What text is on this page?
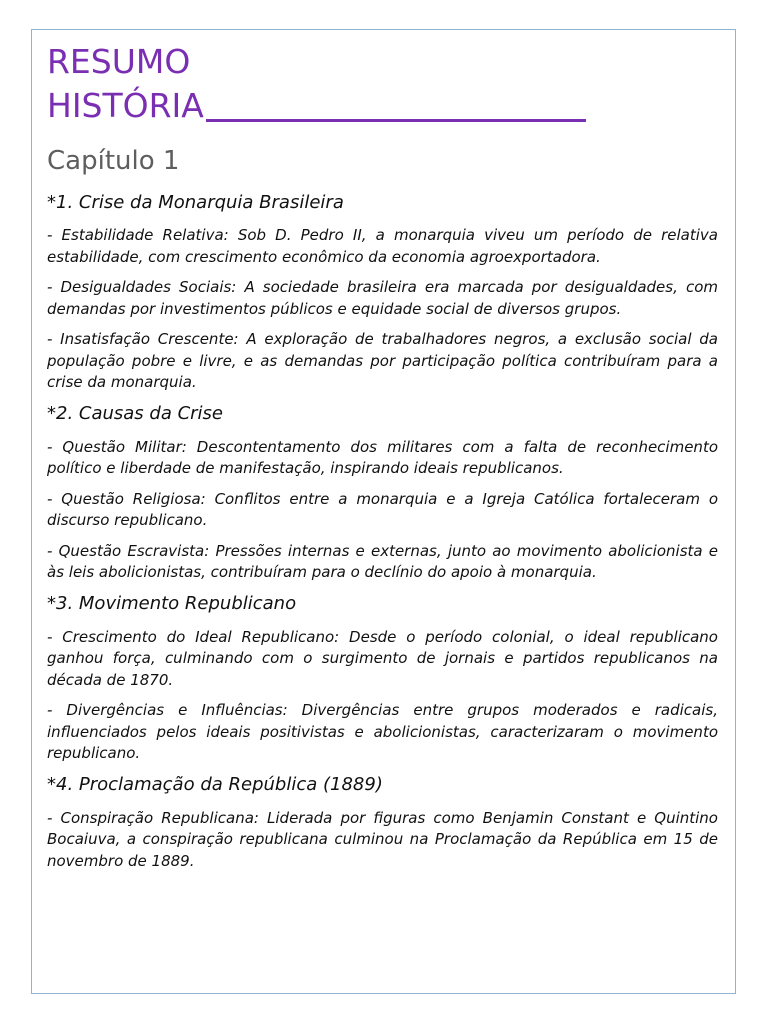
RESUMO
HISTÓRIA
Capítulo 1
*1. Crise da Monarquia Brasileira

- Estabilidade Relativa: Sob D. Pedro II, a monarquia viveu um período de relativa estabilidade, com crescimento econômico da economia agroexportadora.

- Desigualdades Sociais: A sociedade brasileira era marcada por desigualdades, com demandas por investimentos públicos e equidade social de diversos grupos.

- Insatisfação Crescente: A exploração de trabalhadores negros, a exclusão social da população pobre e livre, e as demandas por participação política contribuíram para a crise da monarquia.

*2. Causas da Crise

- Questão Militar: Descontentamento dos militares com a falta de reconhecimento político e liberdade de manifestação, inspirando ideais republicanos.

- Questão Religiosa: Conflitos entre a monarquia e a Igreja Católica fortaleceram o discurso republicano.

- Questão Escravista: Pressões internas e externas, junto ao movimento abolicionista e às leis abolicionistas, contribuíram para o declínio do apoio à monarquia.

*3. Movimento Republicano

- Crescimento do Ideal Republicano: Desde o período colonial, o ideal republicano ganhou força, culminando com o surgimento de jornais e partidos republicanos na década de 1870.

- Divergências e Influências: Divergências entre grupos moderados e radicais, influenciados pelos ideais positivistas e abolicionistas, caracterizaram o movimento republicano.

*4. Proclamação da República (1889)

- Conspiração Republicana: Liderada por figuras como Benjamin Constant e Quintino Bocaiuva, a conspiração republicana culminou na Proclamação da República em 15 de novembro de 1889.
